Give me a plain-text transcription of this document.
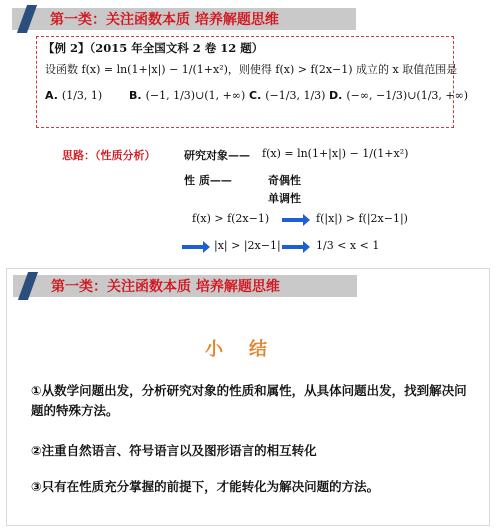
第一类：关注函数本质 培养解题思维
【例 2】（2015 年全国文科 2 卷 12 题）
设函数 f(x) = ln(1+|x|) − 1/(1+x²)，则使得 f(x) > f(2x−1) 成立的 x 取值范围是
A. (1/3, 1) B. (−1, 1/3)∪(1, +∞) C. (−1/3, 1/3) D. (−∞, −1/3)∪(1/3, +∞)
思路：（性质分析）	研究对象—— f(x) = ln(1+|x|) − 1/(1+x²)
性 质——	奇偶性
单调性
f(x) > f(2x−1)	f(|x|) > f(|2x−1|)
|x| > |2x−1|	1/3 < x < 1
第一类：关注函数本质 培养解题思维
小结
①从数学问题出发，分析研究对象的性质和属性，从具体问题出发，找到解决问题的特殊方法。
②注重自然语言、符号语言以及图形语言的相互转化
③只有在性质充分掌握的前提下，才能转化为解决问题的方法。
